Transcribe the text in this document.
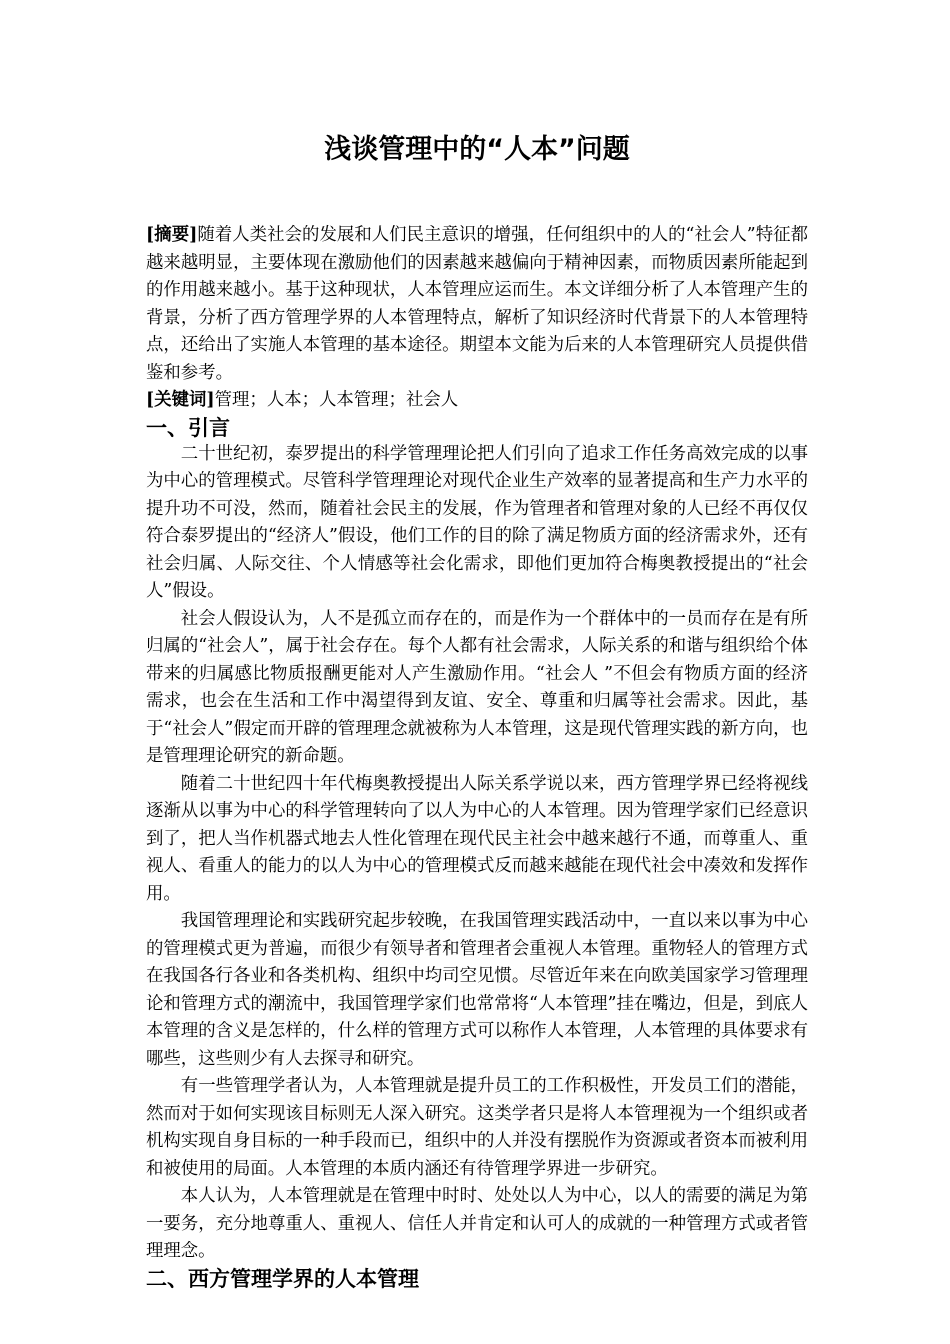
浅谈管理中的“人本”问题

[摘要]随着人类社会的发展和人们民主意识的增强，任何组织中的人的“社会人”特征都越来越明显，主要体现在激励他们的因素越来越偏向于精神因素，而物质因素所能起到的作用越来越小。基于这种现状，人本管理应运而生。本文详细分析了人本管理产生的背景，分析了西方管理学界的人本管理特点，解析了知识经济时代背景下的人本管理特点，还给出了实施人本管理的基本途径。期望本文能为后来的人本管理研究人员提供借鉴和参考。

[关键词]管理；人本；人本管理；社会人

一、引言

二十世纪初，泰罗提出的科学管理理论把人们引向了追求工作任务高效完成的以事为中心的管理模式。尽管科学管理理论对现代企业生产效率的显著提高和生产力水平的提升功不可没，然而，随着社会民主的发展，作为管理者和管理对象的人已经不再仅仅符合泰罗提出的“经济人”假设，他们工作的目的除了满足物质方面的经济需求外，还有社会归属、人际交往、个人情感等社会化需求，即他们更加符合梅奥教授提出的“社会人”假设。

社会人假设认为，人不是孤立而存在的，而是作为一个群体中的一员而存在是有所归属的“社会人”，属于社会存在。每个人都有社会需求，人际关系的和谐与组织给个体带来的归属感比物质报酬更能对人产生激励作用。“社会人 ”不但会有物质方面的经济需求，也会在生活和工作中渴望得到友谊、安全、尊重和归属等社会需求。因此，基于“社会人”假定而开辟的管理理念就被称为人本管理，这是现代管理实践的新方向，也是管理理论研究的新命题。

随着二十世纪四十年代梅奥教授提出人际关系学说以来，西方管理学界已经将视线逐渐从以事为中心的科学管理转向了以人为中心的人本管理。因为管理学家们已经意识到了，把人当作机器式地去人性化管理在现代民主社会中越来越行不通，而尊重人、重视人、看重人的能力的以人为中心的管理模式反而越来越能在现代社会中凑效和发挥作用。

我国管理理论和实践研究起步较晚，在我国管理实践活动中，一直以来以事为中心的管理模式更为普遍，而很少有领导者和管理者会重视人本管理。重物轻人的管理方式在我国各行各业和各类机构、组织中均司空见惯。尽管近年来在向欧美国家学习管理理论和管理方式的潮流中，我国管理学家们也常常将“人本管理”挂在嘴边，但是，到底人本管理的含义是怎样的，什么样的管理方式可以称作人本管理，人本管理的具体要求有哪些，这些则少有人去探寻和研究。

有一些管理学者认为，人本管理就是提升员工的工作积极性，开发员工们的潜能，然而对于如何实现该目标则无人深入研究。这类学者只是将人本管理视为一个组织或者机构实现自身目标的一种手段而已，组织中的人并没有摆脱作为资源或者资本而被利用和被使用的局面。人本管理的本质内涵还有待管理学界进一步研究。

本人认为，人本管理就是在管理中时时、处处以人为中心，以人的需要的满足为第一要务，充分地尊重人、重视人、信任人并肯定和认可人的成就的一种管理方式或者管理理念。

二、西方管理学界的人本管理
